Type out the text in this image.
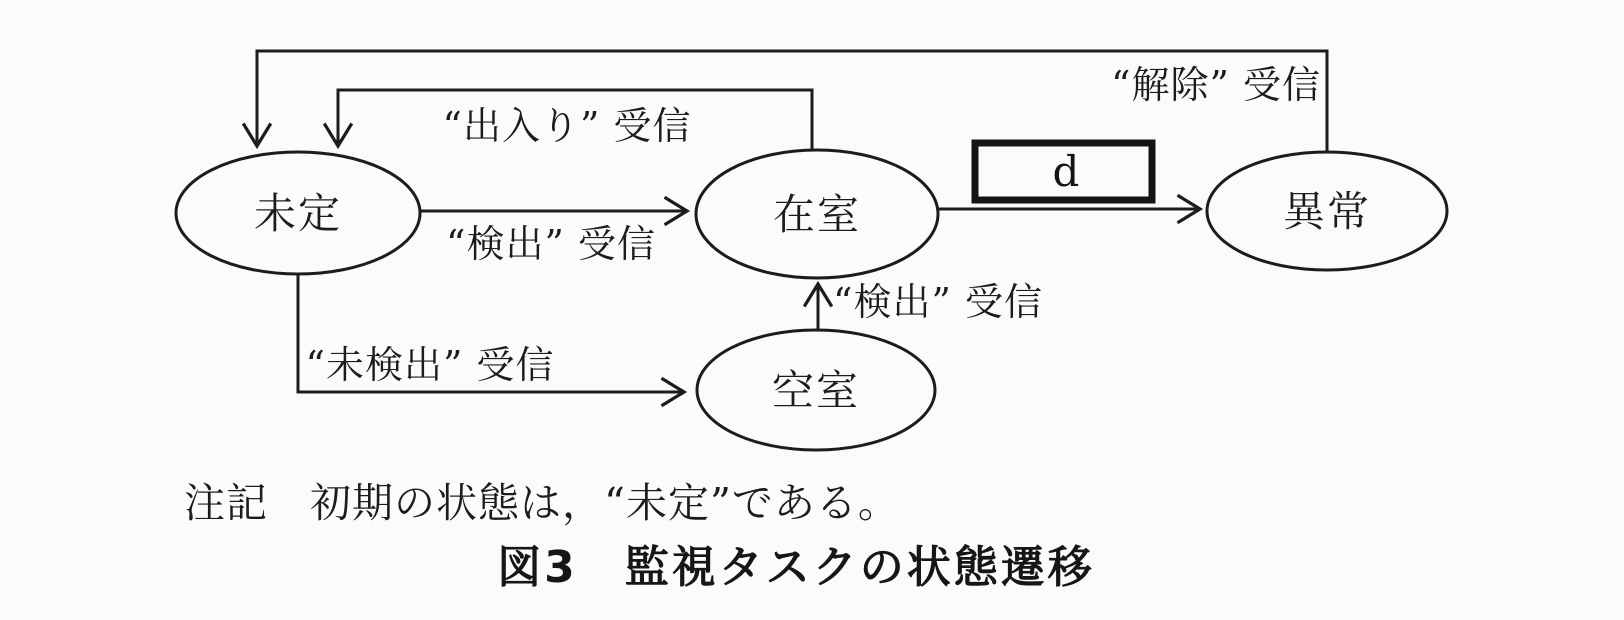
d
未定	在室	異常
空室
“出入り” 受信
“検出” 受信
“解除” 受信
“検出” 受信
“未検出” 受信
注記　初期の状態は，“未定”である。
図3　監視タスクの状態遷移
